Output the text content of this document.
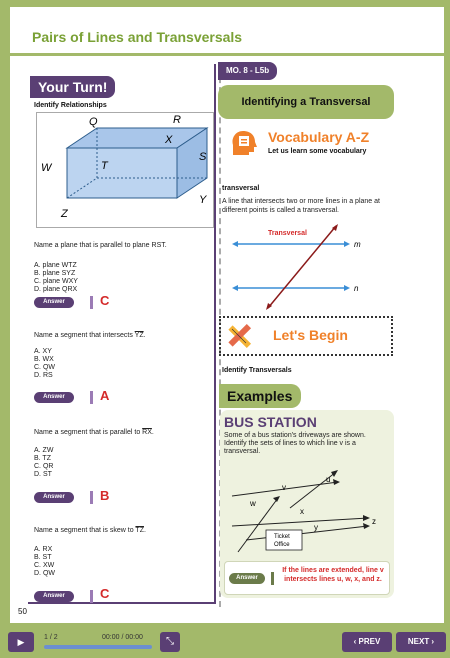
Pairs of Lines and Transversals
Your Turn!
Identify Relationships
Q	R
X
S
W	T
Y
Z
Name a plane that is parallel to plane RST.
A. plane WTZ
B. plane SYZ
C. plane WXY
D. plane QRX
Answer	C
Name a segment that intersects $\overline{YZ}$.
A. XY
B. WX
C. QW
D. RS
Answer	A
Name a segment that is parallel to $\overline{RX}$.
A. ZW
B. TZ
C. QR
D. ST
Answer	B
Name a segment that is skew to $\overline{TZ}$.
A. RX
B. ST
C. XW
D. QW
Answer	C
50
MO. 8 - L5b
Identifying a Transversal
Vocabulary A-Z
Let us learn some vocabulary
transversal
A line that intersects two or more lines in a plane at different points is called a transversal.
Transversal
m
n
Let's Begin
Identify Transversals
Examples
BUS STATION
Some of a bus station's driveways are shown. Identify the sets of lines to which line v is a transversal.
v
u
w
x
y
z
Ticket
Office
Answer
If the lines are extended, line v intersects lines u, w, x, and z.
▶	1 / 2	00:00 / 00:00	⤡	‹ PREV	NEXT ›
